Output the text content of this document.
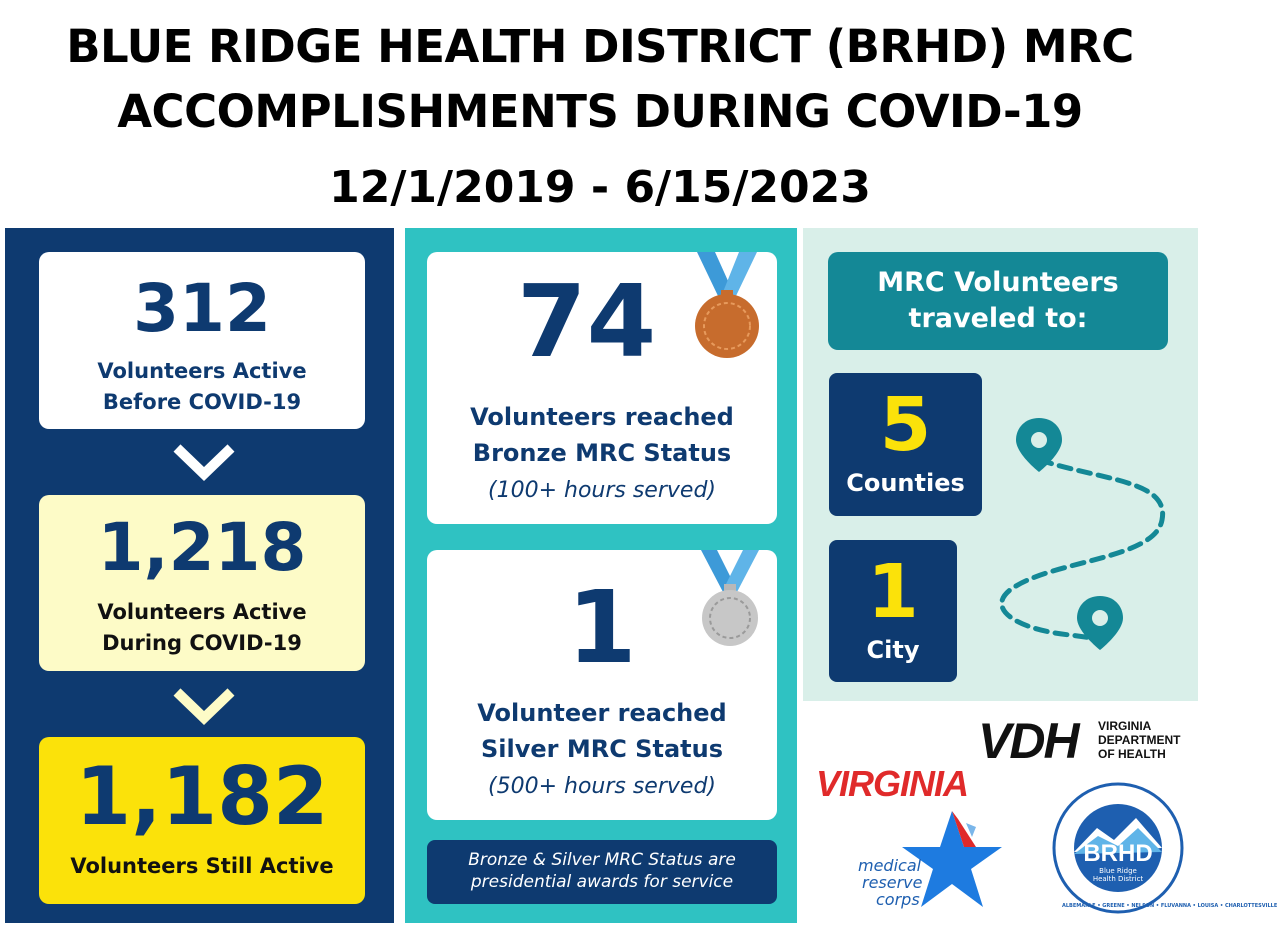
BLUE RIDGE HEALTH DISTRICT (BRHD) MRC
ACCOMPLISHMENTS DURING COVID-19
12/1/2019 - 6/15/2023
312
Volunteers Active
Before COVID-19
1,218
Volunteers Active
During COVID-19
1,182
Volunteers Still Active
74
Volunteers reached
Bronze MRC Status
(100+ hours served)
1
Volunteer reached
Silver MRC Status
(500+ hours served)
Bronze & Silver MRC Status are
presidential awards for service
MRC Volunteers
traveled to:
5
Counties
1
City
VDH VIRGINIA
DEPARTMENT
OF HEALTH
VIRGINIA
medical
reserve
corps
BRHD
Blue Ridge
Health District
ALBEMARLE • GREENE • NELSON • FLUVANNA • LOUISA • CHARLOTTESVILLE
